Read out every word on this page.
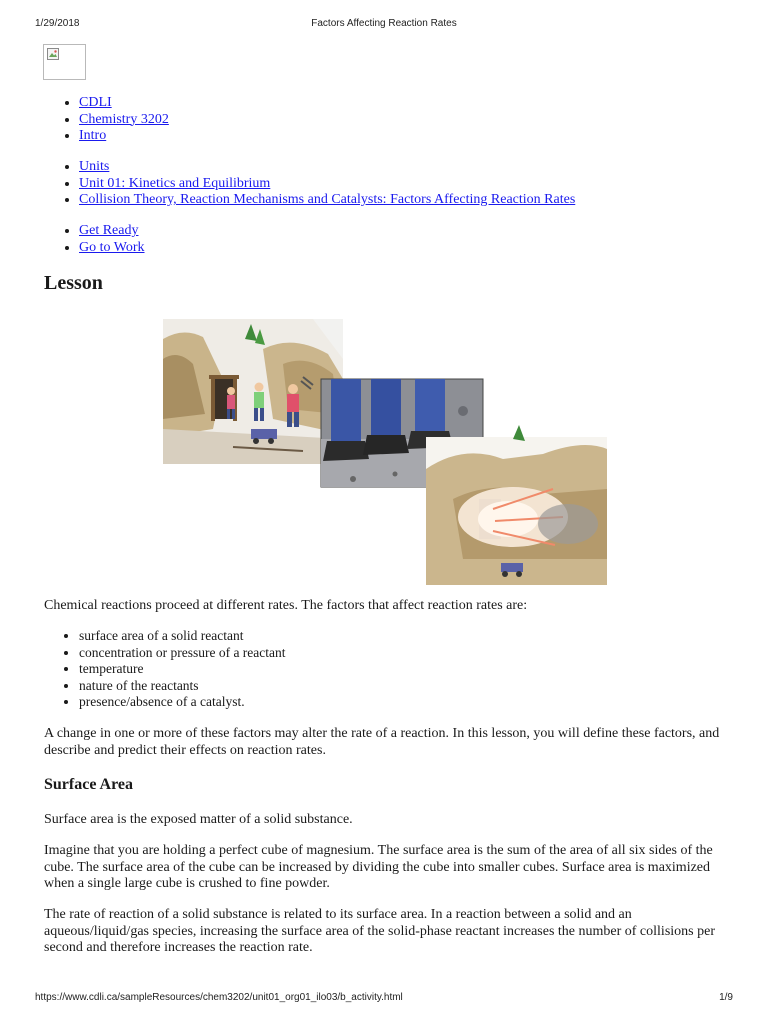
1/29/2018	Factors Affecting Reaction Rates
• CDLI
• Chemistry 3202
• Intro
• Units
• Unit 01: Kinetics and Equilibrium
• Collision Theory, Reaction Mechanisms and Catalysts: Factors Affecting Reaction Rates
• Get Ready
• Go to Work
Lesson

Chemical reactions proceed at different rates. The factors that affect reaction rates are:

• surface area of a solid reactant
• concentration or pressure of a reactant
• temperature
• nature of the reactants
• presence/absence of a catalyst.

A change in one or more of these factors may alter the rate of a reaction. In this lesson, you will define these factors, and describe and predict their effects on reaction rates.

Surface Area

Surface area is the exposed matter of a solid substance.

Imagine that you are holding a perfect cube of magnesium. The surface area is the sum of the area of all six sides of the cube. The surface area of the cube can be increased by dividing the cube into smaller cubes. Surface area is maximized when a single large cube is crushed to fine powder.

The rate of reaction of a solid substance is related to its surface area. In a reaction between a solid and an aqueous/liquid/gas species, increasing the surface area of the solid-phase reactant increases the number of collisions per second and therefore increases the reaction rate.

https://www.cdli.ca/sampleResources/chem3202/unit01_org01_ilo03/b_activity.html	1/9
